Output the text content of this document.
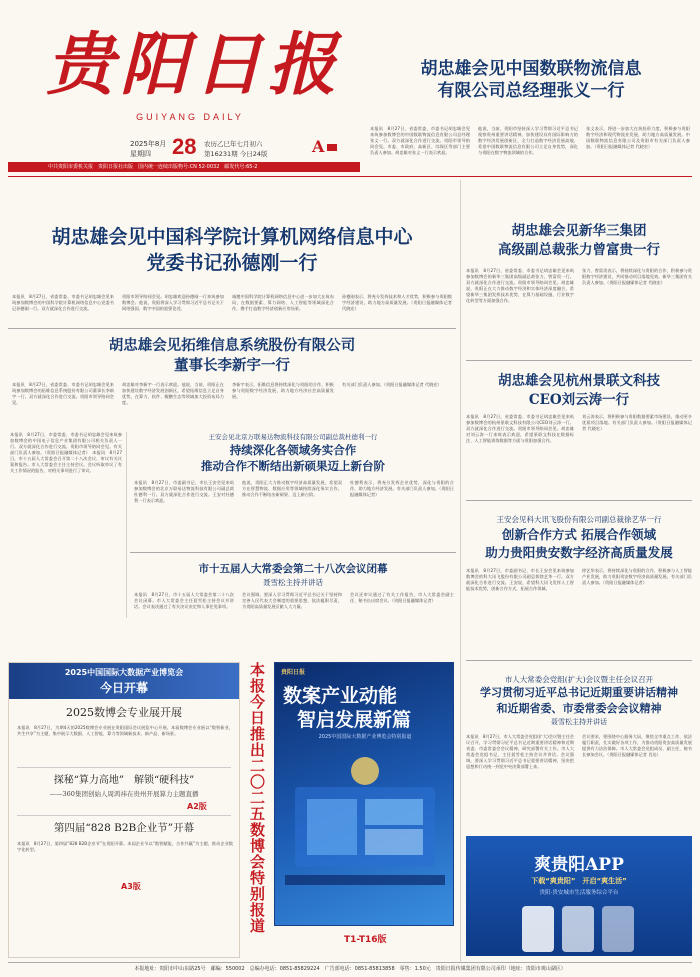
贵阳日报
GUIYANG DAILY
2025年8月
星期四 28 农历乙巳年七月初六
第16231期 今日24版	A
中共贵阳市委机关报　贵阳日报社出版　国内统一连续出版物号:CN 52-0032　邮发代号:65-2
胡忠雄会见中国数联物流信息
有限公司总经理张义一行
本报讯　8月27日，省委常委、市委书记胡忠雄会见来筑参加数博会的中国数联物流信息有限公司总经理张义一行。双方就深化合作进行交流。贵阳市领导陪同会见。市委、市政府、高新区、综保区等部门主要负责人参加。胡忠雄对张义一行表示欢迎。
他说，当前，贵阳市坚持深入学习贯彻习近平总书记视察贵州重要讲话精神，加快建设具有国际影响力的数字经济发展创新区，全力打造数字经济发展高地，希望中国数联物流信息有限公司立足自身优势，深化与贵阳在数字物流领域的合作。
张义表示，将进一步加大在筑投资力度，积极参与贵阳数字经济和现代物流业发展，助力地方高质量发展。中国数联物流信息有限公司及贵阳市有关部门负责人参加。（贵阳日报融媒体记者 代晓宏）
胡忠雄会见中国科学院计算机网络信息中心
党委书记孙德刚一行
本报讯　8月27日，省委常委、市委书记胡忠雄会见来筑参加数博会的中国科学院计算机网络信息中心党委书记孙德刚一行。双方就深化合作进行交流。
贵阳市领导陪同会见。胡忠雄欢迎孙德刚一行来筑参加数博会。他说，贵阳将深入学习贯彻习近平总书记关于网络强国、数字中国的重要论述。
诚邀中国科学院计算机网络信息中心进一步加大在筑布局，在数据要素、算力网络、人工智能等领域深化合作，携手打造数字经济创新应用场景。
孙德刚表示，将充分发挥技术和人才优势，积极参与贵阳数字经济建设，助力地方高质量发展。（贵阳日报融媒体记者 代晓宏）
胡忠雄会见新华三集团
高级副总裁张力曾富贵一行
本报讯　8月27日，省委常委、市委书记胡忠雄会见来筑参加数博会的新华三集团高级副总裁张力、曾富贵一行。双方就深化合作进行交流。贵阳市领导陪同会见。胡忠雄说，贵阳正在大力推动数字经济和实体经济深度融合，希望新华三集团发挥技术优势，在算力基础设施、行业数字化转型等方面加强合作。
张力、曾富贵表示，将持续深化与贵阳的合作，积极参与贵阳数字经济建设，共同推动项目落地见效。新华三集团有关负责人参加。（贵阳日报融媒体记者 代晓宏）
胡忠雄会见拓维信息系统股份有限公司
董事长李新宇一行
本报讯　8月27日，省委常委、市委书记胡忠雄会见来筑参加数博会的拓维信息系统股份有限公司董事长李新宇一行。双方就深化合作进行交流。贵阳市领导陪同会见。
胡忠雄对李新宇一行表示欢迎。他说，当前，贵阳正在加快建设数字经济发展创新区，希望拓维信息立足自身优势，在算力、软件、鲲鹏生态等领域加大投资布局力度。
李新宇表示，拓维信息将持续深化与贵阳的合作，积极参与贵阳数字经济发展，助力地方经济社会高质量发展。
有关部门负责人参加。（贵阳日报融媒体记者 代晓宏）	胡忠雄会见杭州景联文科技
CEO刘云涛一行
本报讯　8月27日，省委常委、市委书记胡忠雄会见来筑参加数博会的杭州景联文科技有限公司CEO刘云涛一行。双方就深化合作进行交流。贵阳市领导陪同会见。胡忠雄对刘云涛一行来筑表示欢迎，希望景联文科技在数据标注、人工智能训练数据等方面与贵阳加强合作。
刘云涛表示，将积极参与贵阳数据要素市场建设，推动更多优质项目落地。有关部门负责人参加。（贵阳日报融媒体记者 代晓宏）
本报讯　8月27日，市委常委、市委书记胡忠雄会见来筑参加数博会的中国电子信息产业集团有限公司相关负责人一行。双方就深化合作进行交流。贵阳市领导陪同会见。有关部门负责人参加。（贵阳日报融媒体记者）　本报讯　8月27日，市十五届人大常委会召开第二十八次会议，审议有关议案和报告。市人大常委会主任主持会议。会议听取审议了有关工作情况的报告，对相关事项进行了审议。
王安会见北京万联易达物流科技有限公司副总裁杜德利一行
持续深化各领域务实合作
推动合作不断结出新硕果迈上新台阶
本报讯　8月27日，市委副书记、市长王安会见来筑参加数博会的北京万联易达物流科技有限公司副总裁杜德利一行。双方就深化合作进行交流。王安对杜德利一行表示欢迎。
他说，贵阳正大力推动数字经济高质量发展，希望双方在智慧物流、数据应用等领域持续深化务实合作，推动合作不断结出新硕果、迈上新台阶。
杜德利表示，将充分发挥企业优势，深化与贵阳的合作，助力地方经济发展。有关部门负责人参加。（贵阳日报融媒体记者）
王安会见科大讯飞股份有限公司副总裁徐艺华一行
创新合作方式 拓展合作领域
助力贵阳贵安数字经济高质量发展
本报讯　8月27日，市委副书记、市长王安会见来筑参加数博会的科大讯飞股份有限公司副总裁徐艺华一行。双方就深化合作进行交流。王安说，希望科大讯飞发挥人工智能技术优势，创新合作方式，拓展合作领域。
徐艺华表示，将持续深化与贵阳的合作，积极参与人工智能产业发展，助力贵阳贵安数字经济高质量发展。有关部门负责人参加。（贵阳日报融媒体记者）
市十五届人大常委会第二十八次会议闭幕
聂雪松主持并讲话
本报讯　8月27日，市十五届人大常委会第二十八次会议闭幕。市人大常委会主任聂雪松主持会议并讲话。会议表决通过了有关决议决定和人事任免事项。
会议强调，要深入学习贯彻习近平总书记关于坚持和完善人民代表大会制度的重要思想，依法履职尽责，为贵阳高质量发展贡献人大力量。
会议还审议通过了有关工作报告，市人大常委会副主任、秘书长出席会议。（贵阳日报融媒体记者）
2025中国国际大数据产业博览会
今日开幕
2025数博会专业展开展
本报讯　8月27日，为期4天的2025数博会专业展在贵阳国际会议展览中心开展。本届数博会专业展以“数智新业，共生共享”为主题，集中展示大数据、人工智能、算力等领域新技术、新产品、新场景。
探秘“算力高地”　解锁“硬科技”
——360集团创始人周鸿祎在贵州开展算力主题直播
A2版
第四届“828 B2B企业节”开幕
本报讯　8月27日，第四届“828 B2B企业节”在贵阳开幕。本届企业节以“数智赋能，合作共赢”为主题，推动企业数字化转型。
A3版	本报今日推出二〇二五数博会特别报道	贵阳日报
数案产业动能
智启发展新篇
2025中国国际大数据产业博览会特别报道
T1-T16版
市人大常委会党组(扩大)会议暨主任会议召开
学习贯彻习近平总书记近期重要讲话精神
和近期省委、市委常委会会议精神
聂雪松主持并讲话
本报讯　8月27日，市人大常委会党组(扩大)会议暨主任会议召开，学习贯彻习近平总书记近期重要讲话精神和近期省委、市委常委会会议精神，研究部署有关工作。市人大常委会党组书记、主任聂雪松主持会议并讲话。会议强调，要深入学习贯彻习近平总书记重要讲话精神，坚决把思想和行动统一到党中央决策部署上来。
会议要求，要围绕中心服务大局，聚焦全市重点工作，依法履行职责，扎实做好各项工作，为推动贵阳贵安高质量发展提供有力法治保障。市人大常委会党组成员、副主任，秘书长参加会议。（贵阳日报融媒体记者 肖达）
爽贵阳APP
下载“爽贵阳”　开启“爽生活”
贵阳·贵安城市生活服务综合平台
本报地址：贵阳市中山东路25号　邮编：550002　总编办电话：0851-85829224　广告部电话：0851-85813858　零售：1.50元　贵阳日报传媒集团有限公司承印（地址：贵阳市观山湖区）
